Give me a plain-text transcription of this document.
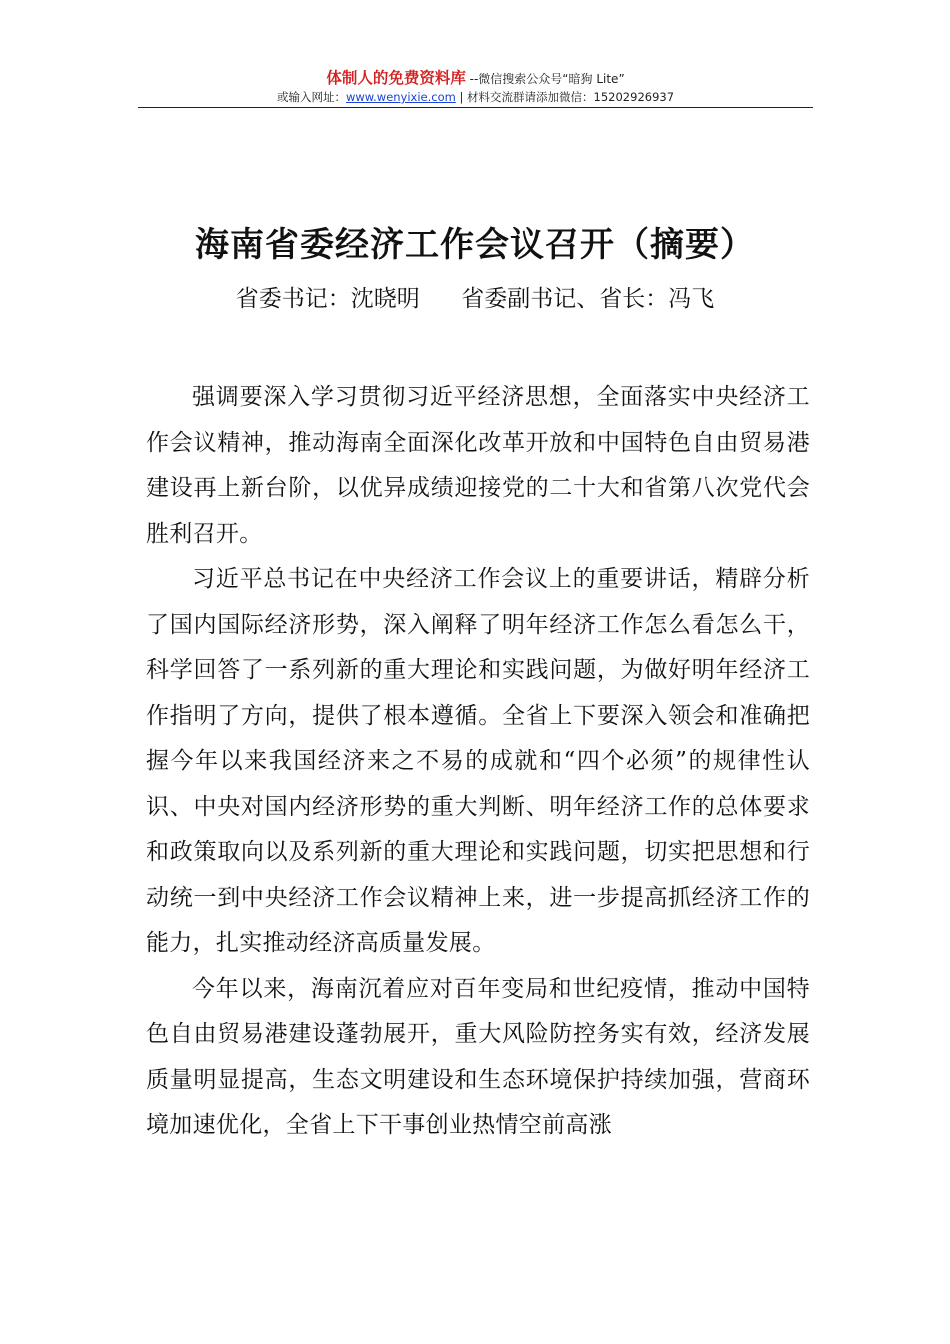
体制人的免费资料库 --微信搜索公众号“暗狗 Lite”
或输入网址：www.wenyixie.com | 材料交流群请添加微信：15202926937
海南省委经济工作会议召开（摘要）
省委书记：沈晓明   省委副书记、省长：冯飞

强调要深入学习贯彻习近平经济思想，全面落实中央经济工作会议精神，推动海南全面深化改革开放和中国特色自由贸易港建设再上新台阶，以优异成绩迎接党的二十大和省第八次党代会胜利召开。

习近平总书记在中央经济工作会议上的重要讲话，精辟分析了国内国际经济形势，深入阐释了明年经济工作怎么看怎么干，科学回答了一系列新的重大理论和实践问题，为做好明年经济工作指明了方向，提供了根本遵循。全省上下要深入领会和准确把握今年以来我国经济来之不易的成就和“四个必须”的规律性认识、中央对国内经济形势的重大判断、明年经济工作的总体要求和政策取向以及系列新的重大理论和实践问题，切实把思想和行动统一到中央经济工作会议精神上来，进一步提高抓经济工作的能力，扎实推动经济高质量发展。

今年以来，海南沉着应对百年变局和世纪疫情，推动中国特色自由贸易港建设蓬勃展开，重大风险防控务实有效，经济发展质量明显提高，生态文明建设和生态环境保护持续加强，营商环境加速优化，全省上下干事创业热情空前高涨
